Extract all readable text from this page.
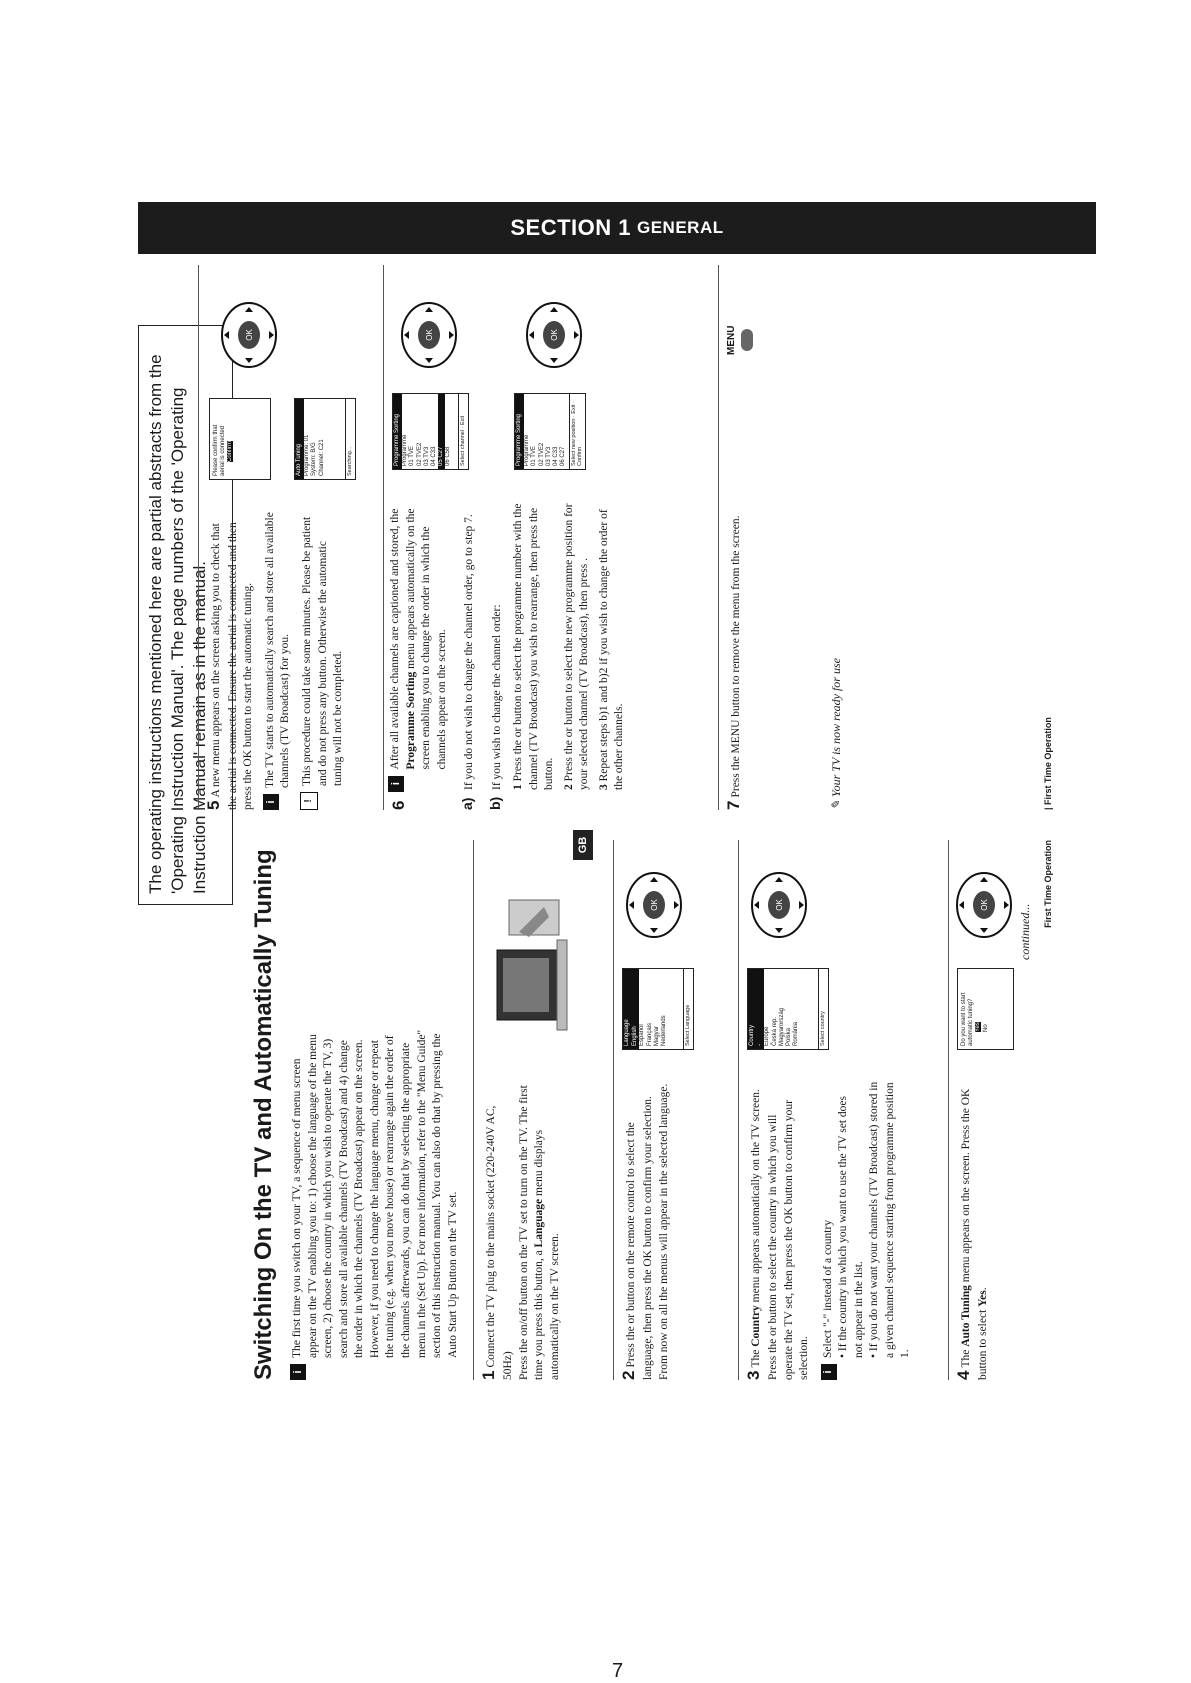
SECTION 1 GENERAL
The operating instructions mentioned here are partial abstracts from the 'Operating Instruction Manual'. The page numbers of the 'Operating Instruction Manual' remain as in the manual.
Switching On the TV and Automatically Tuning	i

The first time you switch on your TV, a sequence of menu screen appear on the TV enabling you to: 1) choose the language of the menu screen, 2) choose the country in which you wish to operate the TV, 3) search and store all available channels (TV Broadcast) and 4) change the order in which the channels (TV Broadcast) appear on the screen. However, if you need to change the language menu, change or repeat the tuning (e.g. when you move house) or rearrange again the order of the channels afterwards, you can do that by selecting the appropriate menu in the (Set Up). For more information, refer to the "Menu Guide" section of this instruction manual. You can also do that by pressing the Auto Start Up Button on the TV set.

1Connect the TV plug to the mains socket (220-240V AC, 50Hz) Press the on/off button on the TV set to turn on the TV. The first time you press this button, a Language menu displays automatically on the TV screen.	2Press the or button on the remote control to select the language, then press the OK button to confirm your selection. From now on all the menus will appear in the selected language.
Language English Español Français Magyar Nederlands	Select Language
OK
3The Country menu appears automatically on the TV screen. Press the or button to select the country in which you will operate the TV set, then press the OK button to confirm your selection. i
Select "-" instead of a country • If the country in which you want to use the TV set does not appear in the list. • If you do not want your channels (TV Broadcast) stored in a given channel sequence starting from programme position 1.
Country - Europe Česká rep. Magyarország Polska România	Select country
OK
4The Auto Tuning menu appears on the screen. Press the OK button to select Yes.
Do you want to start automatic tuning? Yes No
OK
GB
continued...
5A new menu appears on the screen asking you to check that the aerial is connected. Ensure the aerial is connected and then press the OK button to start the automatic tuning. i
The TV starts to automatically search and store all available channels (TV Broadcast) for you.
!
This procedure could take some minutes. Please be patient and do not press any button. Otherwise the automatic tuning will not be completed.
Please confirm that aerial is connected Confirm	Auto Tuning Programme: 01
System: B/G
Channel: C21
Searching...
OK
6
i
After all available channels are captioned and stored, the Programme Sorting menu appears automatically on the screen enabling you to change the order in which the channels appear on the screen.
a)If you do not wish to change the channel order, go to step 7.
b)If you wish to change the channel order: 1 Press the or button to select the programme number with the channel (TV Broadcast) you wish to rearrange, then press the button. 2 Press the or button to select the new programme position for your selected channel (TV Broadcast), then press . 3 Repeat steps b)1 and b)2 if you wish to change the order of the other channels.
Programme Sorting Programme 01 TVE 02 TVE2 03 TV3 04 C33 05 C27 06 C58	Select channel · Exit	Programme Sorting Programme 01 TVE 02 TVE2 03 TV3 04 C33 06 C27 Select new position · Exit · Confirm
OK	OK
7Press the MENU button to remove the menu from the screen.
MENU
✎ Your TV is now ready for use
First Time Operation
| First Time Operation
7
